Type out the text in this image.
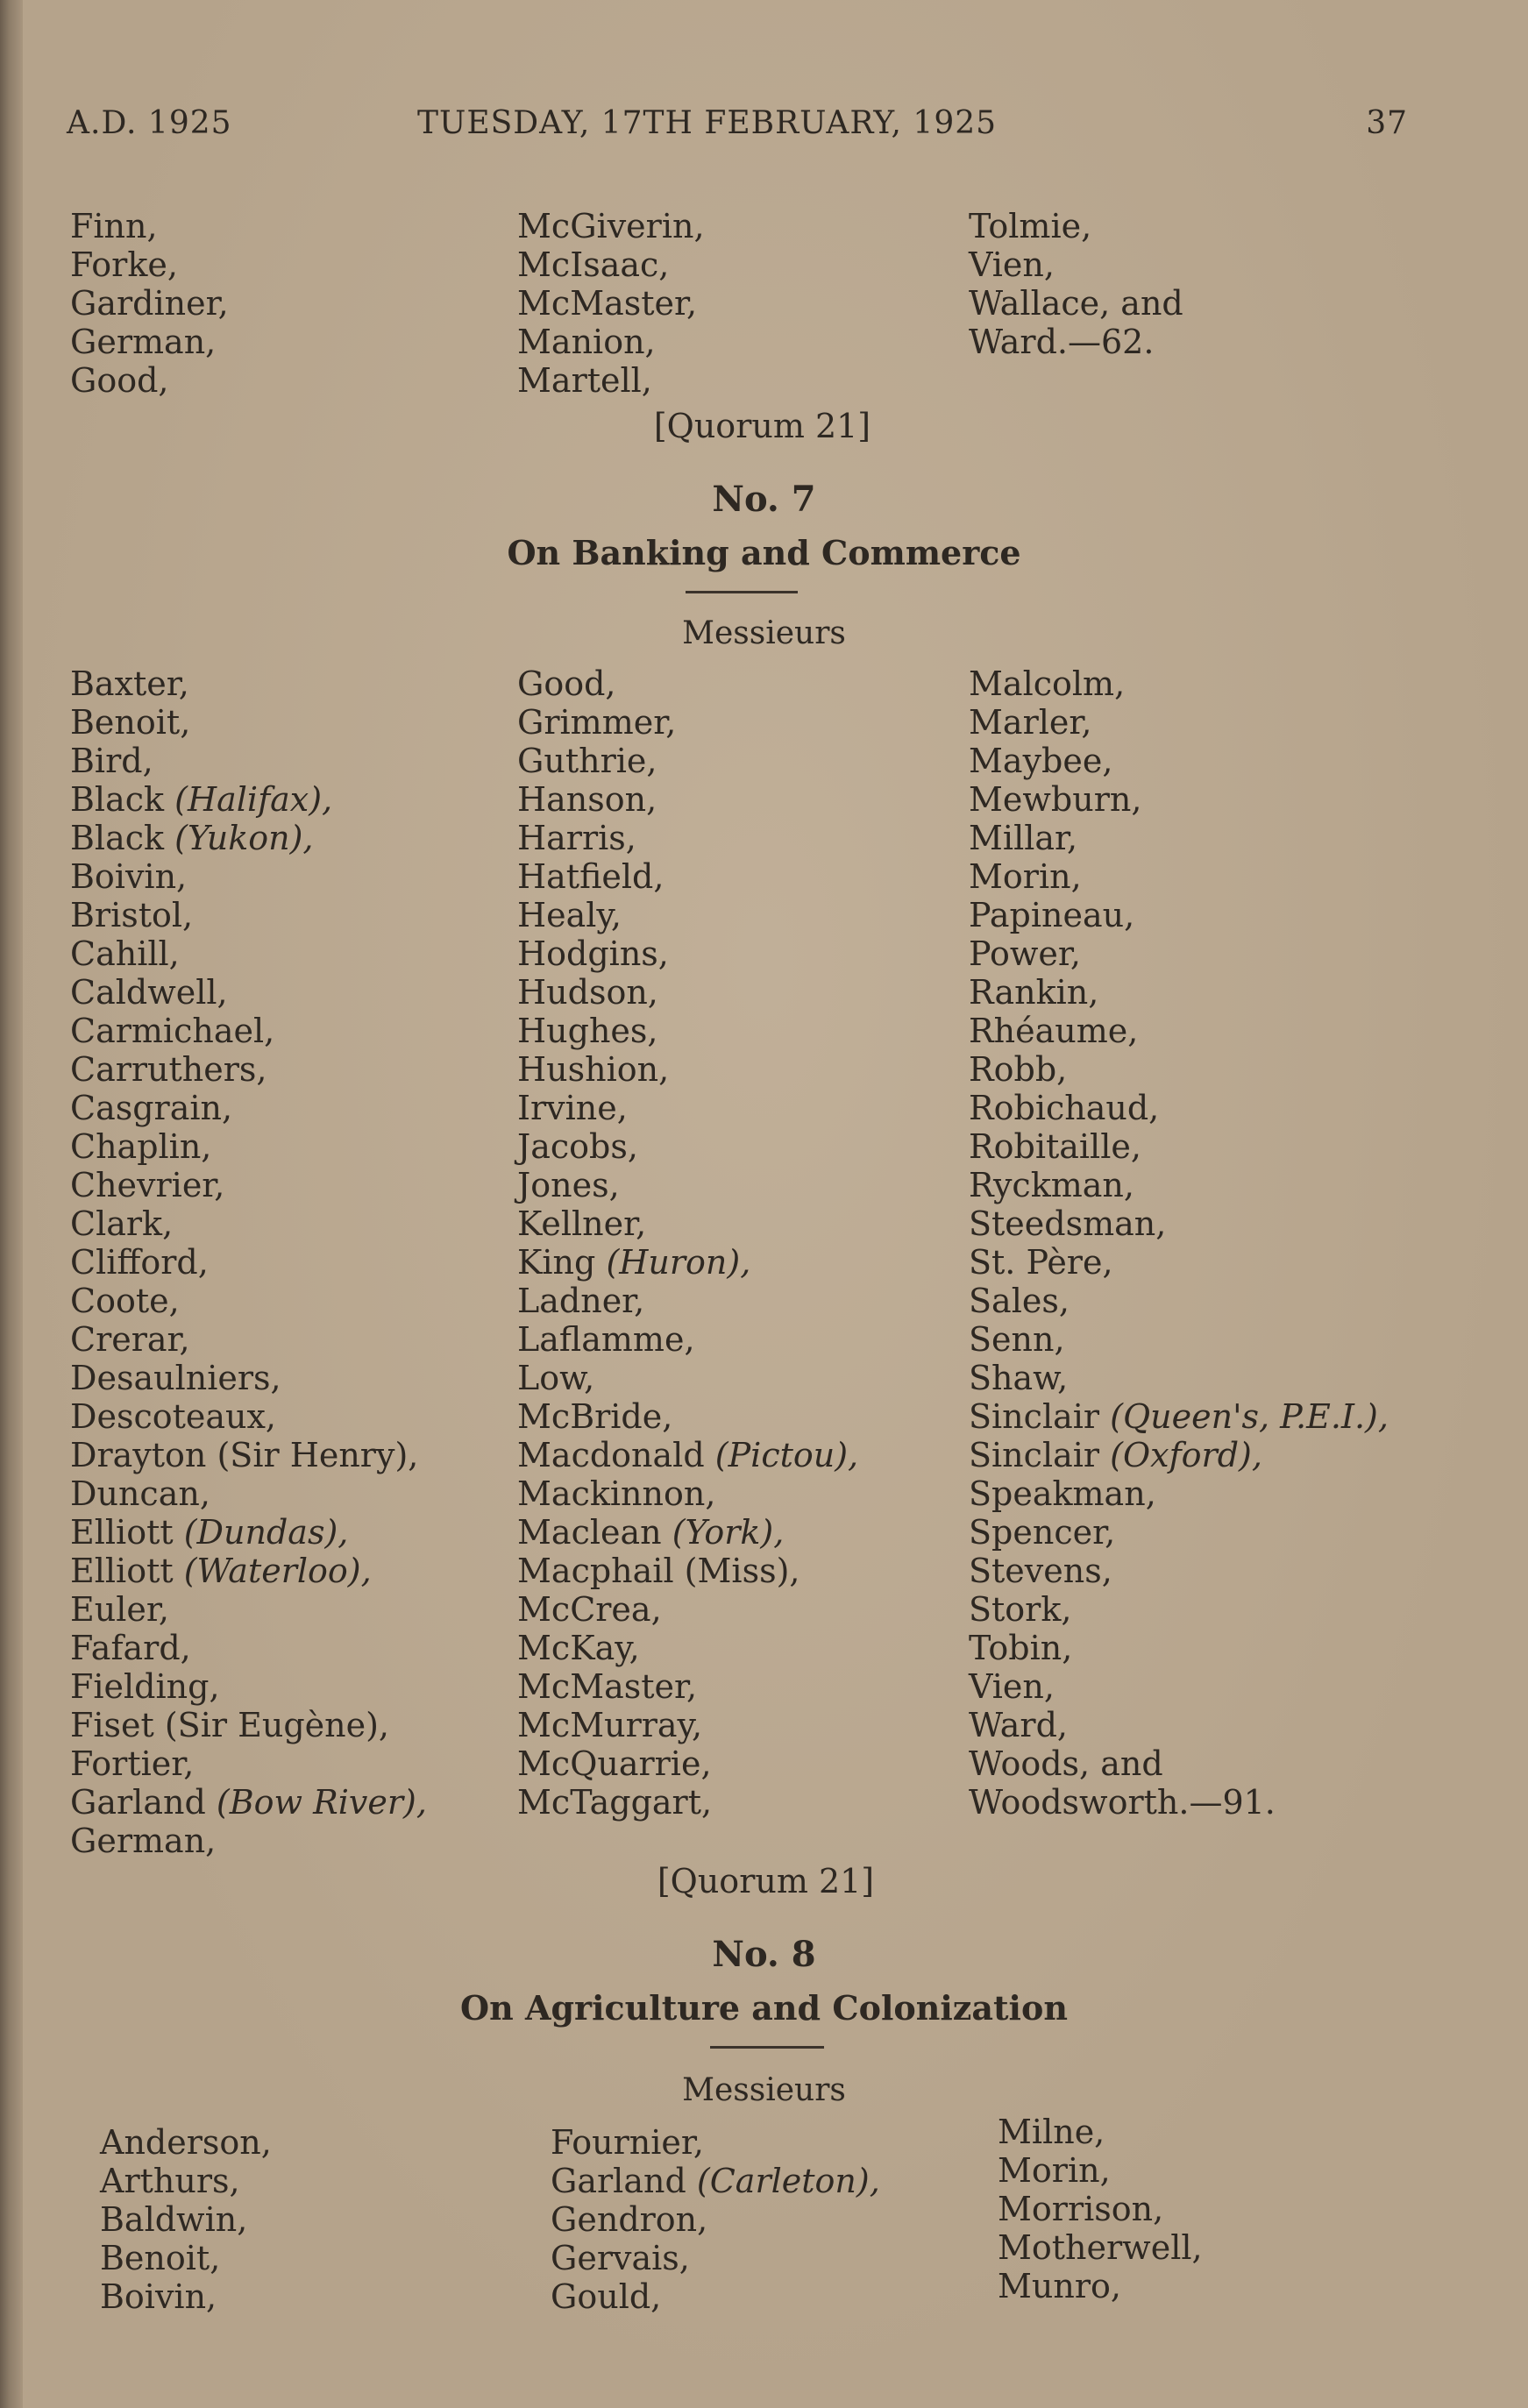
A.D. 1925	TUESDAY, 17TH FEBRUARY, 1925	37
Finn,
Forke,
Gardiner,
German,
Good,
McGiverin,
McIsaac,
McMaster,
Manion,
Martell,
Tolmie,
Vien,
Wallace, and
Ward.—62.
[Quorum 21]
No. 7
On Banking and Commerce
Messieurs
Baxter,
Benoit,
Bird,
Black (Halifax),
Black (Yukon),
Boivin,
Bristol,
Cahill,
Caldwell,
Carmichael,
Carruthers,
Casgrain,
Chaplin,
Chevrier,
Clark,
Clifford,
Coote,
Crerar,
Desaulniers,
Descoteaux,
Drayton (Sir Henry),
Duncan,
Elliott (Dundas),
Elliott (Waterloo),
Euler,
Fafard,
Fielding,
Fiset (Sir Eugène),
Fortier,
Garland (Bow River),
German,
Good,
Grimmer,
Guthrie,
Hanson,
Harris,
Hatfield,
Healy,
Hodgins,
Hudson,
Hughes,
Hushion,
Irvine,
Jacobs,
Jones,
Kellner,
King (Huron),
Ladner,
Laflamme,
Low,
McBride,
Macdonald (Pictou),
Mackinnon,
Maclean (York),
Macphail (Miss),
McCrea,
McKay,
McMaster,
McMurray,
McQuarrie,
McTaggart,
Malcolm,
Marler,
Maybee,
Mewburn,
Millar,
Morin,
Papineau,
Power,
Rankin,
Rhéaume,
Robb,
Robichaud,
Robitaille,
Ryckman,
Steedsman,
St. Père,
Sales,
Senn,
Shaw,
Sinclair (Queen's, P.E.I.),
Sinclair (Oxford),
Speakman,
Spencer,
Stevens,
Stork,
Tobin,
Vien,
Ward,
Woods, and
Woodsworth.—91.
[Quorum 21]
No. 8
On Agriculture and Colonization
Messieurs
Anderson,
Arthurs,
Baldwin,
Benoit,
Boivin,
Fournier,
Garland (Carleton),
Gendron,
Gervais,
Gould,
Milne,
Morin,
Morrison,
Motherwell,
Munro,
